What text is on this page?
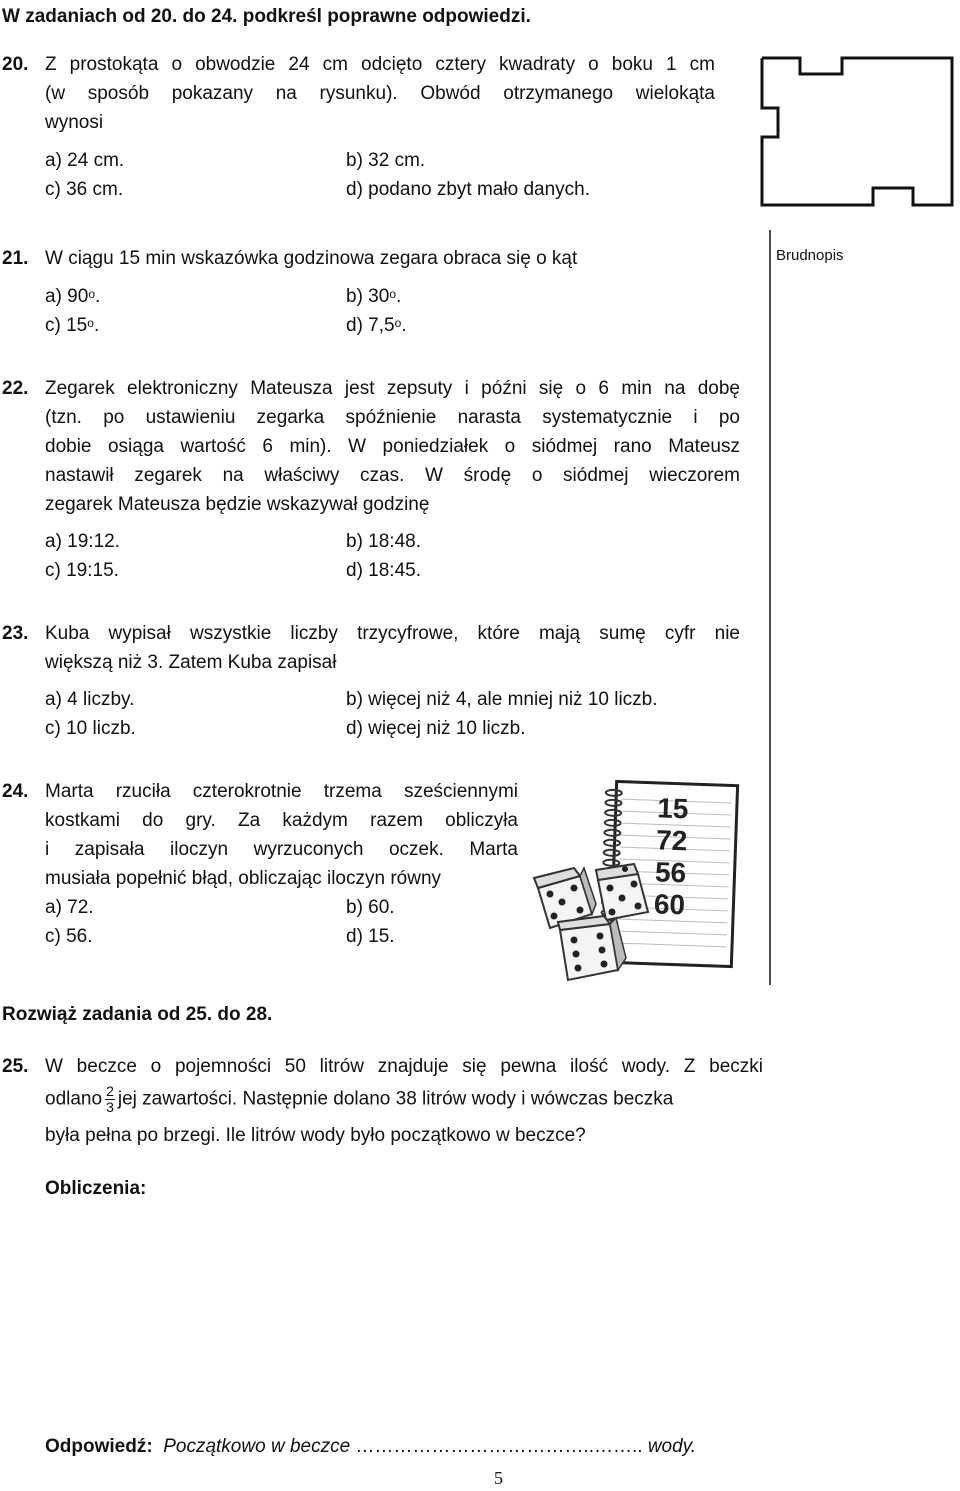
W zadaniach od 20. do 24. podkreśl poprawne odpowiedzi.
20. Z prostokąta o obwodzie 24 cm odcięto cztery kwadraty o boku 1 cm
(w sposób pokazany na rysunku). Obwód otrzymanego wielokąta
wynosi
a) 24 cm.	b) 32 cm.
c) 36 cm.	d) podano zbyt mało danych.
21. W ciągu 15 min wskazówka godzinowa zegara obraca się o kąt	Brudnopis
a) 90$^o$.	b) 30$^o$.
c) 15$^o$.	d) 7,5$^o$.
22. Zegarek elektroniczny Mateusza jest zepsuty i późni się o 6 min na dobę
(tzn. po ustawieniu zegarka spóźnienie narasta systematycznie i po
dobie osiąga wartość 6 min). W poniedziałek o siódmej rano Mateusz
nastawił zegarek na właściwy czas. W środę o siódmej wieczorem
zegarek Mateusza będzie wskazywał godzinę
a) 19:12.	b) 18:48.
c) 19:15.	d) 18:45.
23. Kuba wypisał wszystkie liczby trzycyfrowe, które mają sumę cyfr nie
większą niż 3. Zatem Kuba zapisał
a) 4 liczby.	b) więcej niż 4, ale mniej niż 10 liczb.
c) 10 liczb.	d) więcej niż 10 liczb.
24. Marta rzuciła czterokrotnie trzema sześciennymi
kostkami do gry. Za każdym razem obliczyła
i zapisała iloczyn wyrzuconych oczek. Marta
musiała popełnić błąd, obliczając iloczyn równy
a) 72.	b) 60.
c) 56.	d) 15.
15
72
56
60
Rozwiąż zadania od 25. do 28.
25. W beczce o pojemności 50 litrów znajduje się pewna ilość wody. Z beczki
odlano $\frac{2}{3}$ jej zawartości. Następnie dolano 38 litrów wody i wówczas beczka
była pełna po brzegi. Ile litrów wody było początkowo w beczce?
Obliczenia:
Odpowiedź: Początkowo w beczce ………………………………..…….. wody.
5
